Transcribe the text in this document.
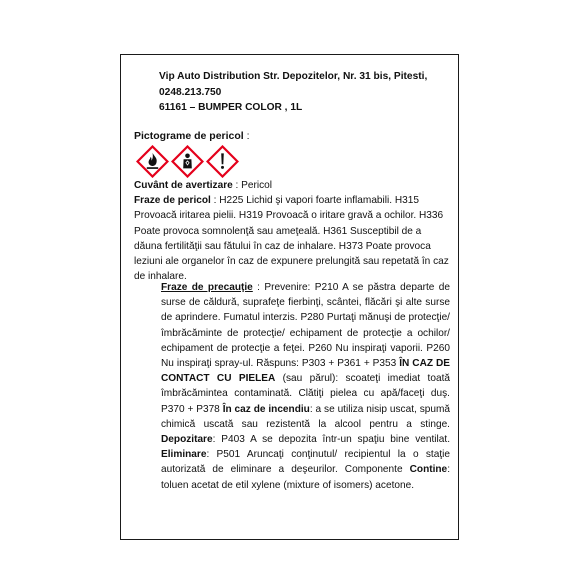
Vip Auto Distribution Str. Depozitelor, Nr. 31 bis, Pitesti,
0248.213.750
61161 – BUMPER COLOR , 1L
Pictograme de pericol :

Cuvânt de avertizare : Pericol

Fraze de pericol : H225 Lichid şi vapori foarte inflamabili. H315 Provoacă iritarea pielii. H319 Provoacă o iritare gravă a ochilor. H336 Poate provoca somnolenţă sau ameţeală. H361 Susceptibil de a dăuna fertilităţii sau fătului în caz de inhalare. H373 Poate provoca leziuni ale organelor în caz de expunere prelungită sau repetată în caz de inhalare.

Fraze de precauţie : Prevenire: P210 A se păstra departe de surse de căldură, suprafeţe fierbinţi, scântei, flăcări şi alte surse de aprindere. Fumatul interzis. P280 Purtaţi mănuşi de protecţie/ îmbrăcăminte de protecţie/ echipament de protecţie a ochilor/ echipament de protecţie a feţei. P260 Nu inspiraţi vaporii. P260 Nu inspiraţi spray-ul. Răspuns: P303 + P361 + P353 ÎN CAZ DE CONTACT CU PIELEA (sau părul): scoateţi imediat toată îmbrăcămintea contaminată. Clătiţi pielea cu apă/faceţi duş. P370 + P378 În caz de incendiu: a se utiliza nisip uscat, spumă chimică uscată sau rezistentă la alcool pentru a stinge. Depozitare: P403 A se depozita într-un spaţiu bine ventilat. Eliminare: P501 Aruncaţi conţinutul/ recipientul la o staţie autorizată de eliminare a deşeurilor. Componente Contine: toluen acetat de etil xylene (mixture of isomers) acetone.
